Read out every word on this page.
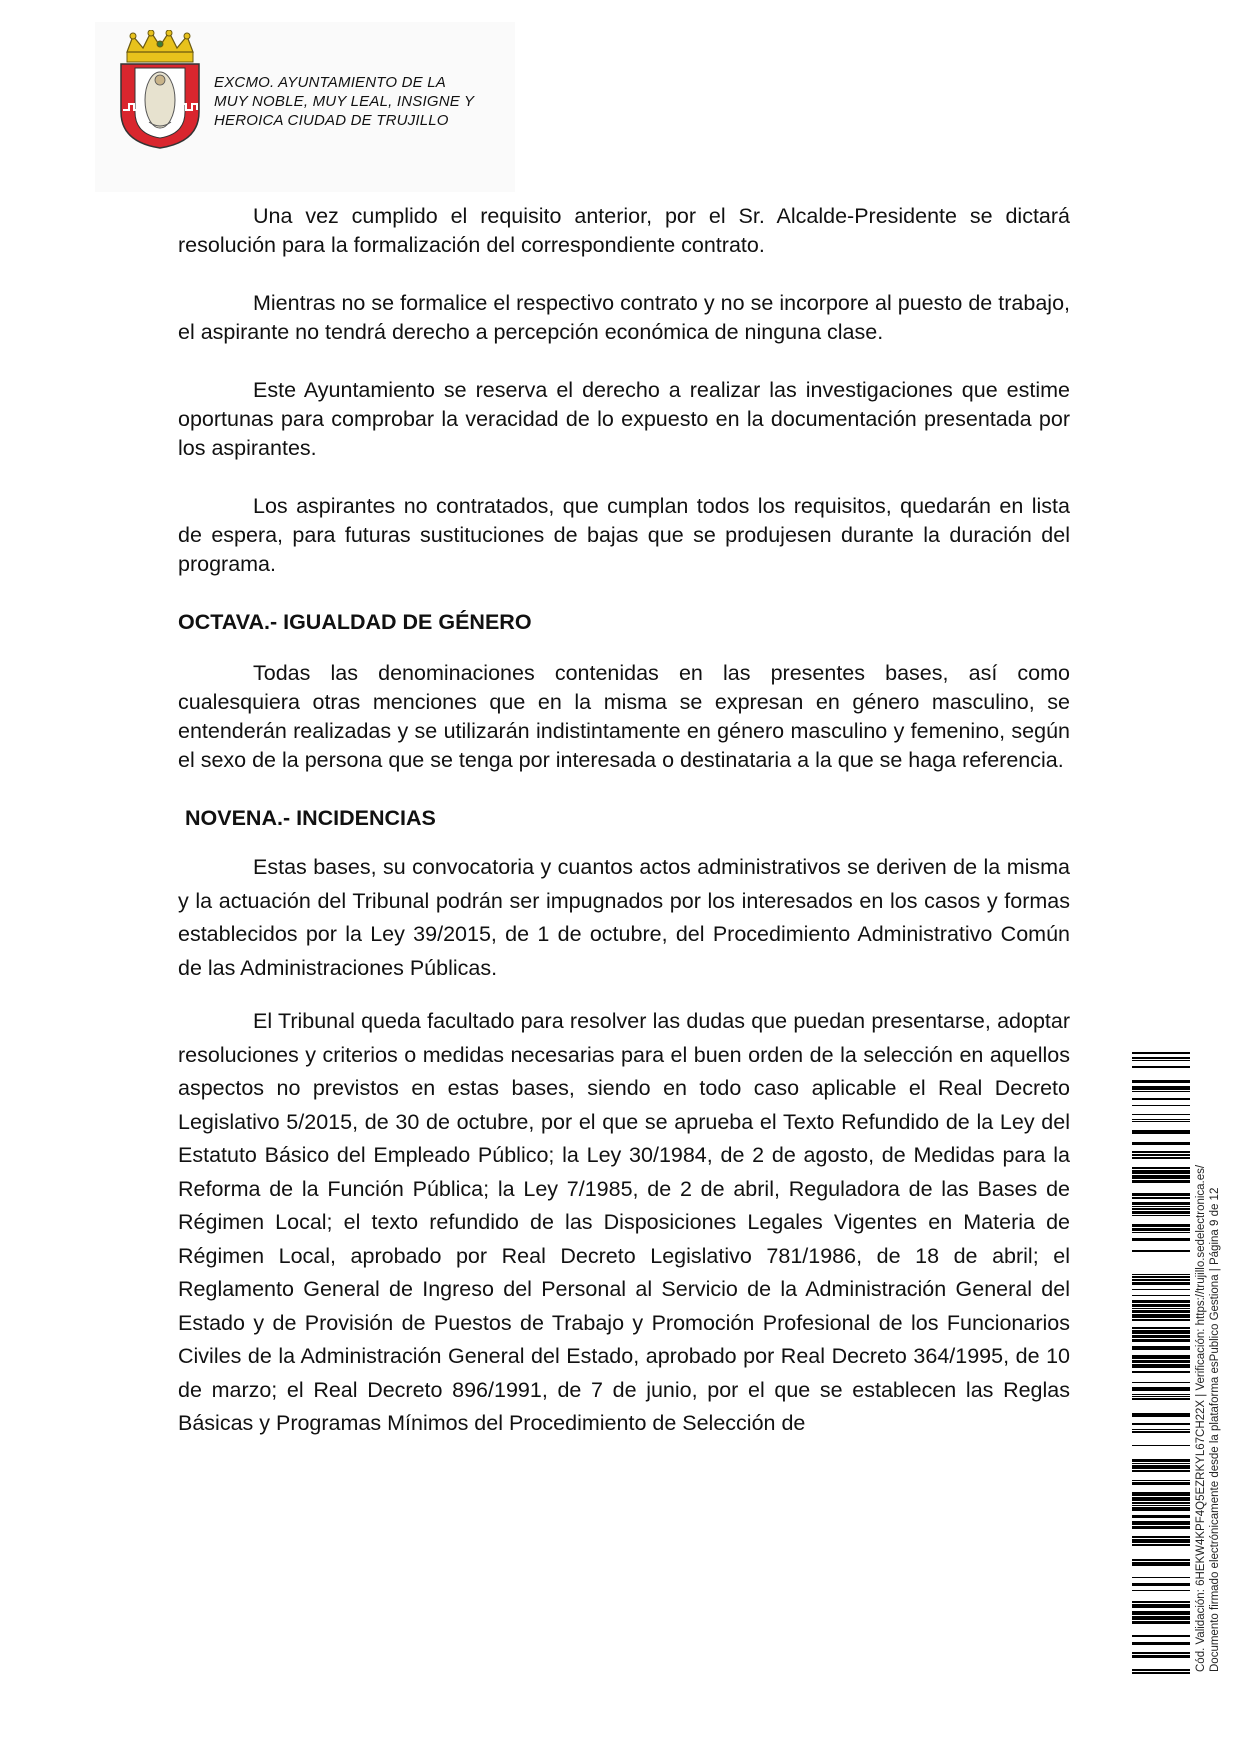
EXCMO. AYUNTAMIENTO DE LA
MUY NOBLE, MUY LEAL, INSIGNE Y
HEROICA CIUDAD DE TRUJILLO

Una vez cumplido el requisito anterior, por el Sr. Alcalde-Presidente se dictará resolución para la formalización del correspondiente contrato.

Mientras no se formalice el respectivo contrato y no se incorpore al puesto de trabajo, el aspirante no tendrá derecho a percepción económica de ninguna clase.

Este Ayuntamiento se reserva el derecho a realizar las investigaciones que estime oportunas para comprobar la veracidad de lo expuesto en la documentación presentada por los aspirantes.

Los aspirantes no contratados, que cumplan todos los requisitos, quedarán en lista de espera, para futuras sustituciones de bajas que se produjesen durante la duración del programa.

OCTAVA.- IGUALDAD DE GÉNERO

Todas las denominaciones contenidas en las presentes bases, así como cualesquiera otras menciones que en la misma se expresan en género masculino, se entenderán realizadas y se utilizarán indistintamente en género masculino y femenino, según el sexo de la persona que se tenga por interesada o destinataria a la que se haga referencia.

NOVENA.- INCIDENCIAS

Estas bases, su convocatoria y cuantos actos administrativos se deriven de la misma y la actuación del Tribunal podrán ser impugnados por los interesados en los casos y formas establecidos por la Ley 39/2015, de 1 de octubre, del Procedimiento Administrativo Común de las Administraciones Públicas.

El Tribunal queda facultado para resolver las dudas que puedan presentarse, adoptar resoluciones y criterios o medidas necesarias para el buen orden de la selección en aquellos aspectos no previstos en estas bases, siendo en todo caso aplicable el Real Decreto Legislativo 5/2015, de 30 de octubre, por el que se aprueba el Texto Refundido de la Ley del Estatuto Básico del Empleado Público; la Ley 30/1984, de 2 de agosto, de Medidas para la Reforma de la Función Pública; la Ley 7/1985, de 2 de abril, Reguladora de las Bases de Régimen Local; el texto refundido de las Disposiciones Legales Vigentes en Materia de Régimen Local, aprobado por Real Decreto Legislativo 781/1986, de 18 de abril; el Reglamento General de Ingreso del Personal al Servicio de la Administración General del Estado y de Provisión de Puestos de Trabajo y Promoción Profesional de los Funcionarios Civiles de la Administración General del Estado, aprobado por Real Decreto 364/1995, de 10 de marzo; el Real Decreto 896/1991, de 7 de junio, por el que se establecen las Reglas Básicas y Programas Mínimos del Procedimiento de Selección de	Cód. Validación: 6HEKW4KPF4Q5EZRKYL67CH22X | Verificación: https://trujillo.sedelectronica.es/ Documento firmado electrónicamente desde la plataforma esPublico Gestiona | Página 9 de 12
